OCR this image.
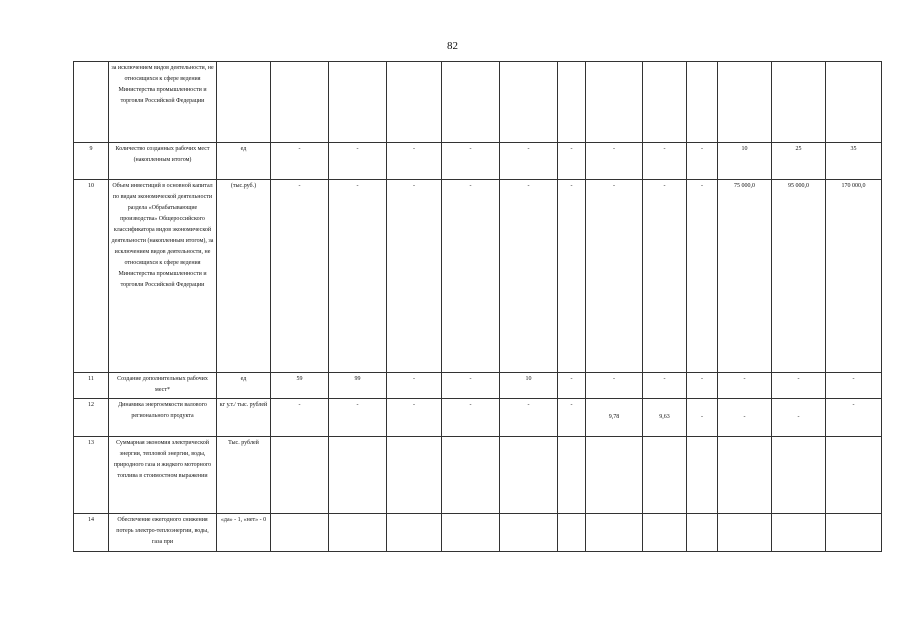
82
	за исключением видов деятельности, не относящихся к сфере ведения Министерства промышленности и торговли Российской Федерации													
9	Количество созданных рабочих мест (накопленным итогом)	ед	-	-	-	-	-	-	-	-	-	10	25	35
10	Объем инвестиций в основной капитал по видам экономической деятельности раздела «Обрабатывающие производства» Общероссийского классификатора видов экономической деятельности (накопленным итогом), за исключением видов деятельности, не относящихся к сфере ведения Министерства промышленности и торговли Российской Федерации	(тыс.руб.)	-	-	-	-	-	-	-	-	-	75 000,0	95 000,0	170 000,0
11	Создание дополнительных рабочих мест*	ед	59	99	-	-	10	-	-	-	-	-	-	-
12	Динамика энергоемкости валового регионального продукта	кг у.т./ тыс. рублей	-	-	-	-	-	-	9,78	9,63	-	-	-	-
13	Суммарная экономия электрической энергии, тепловой энергии, воды, природного газа и жидкого моторного топлива в стоимостном выражении	Тыс. рублей												
14	Обеспечение ежегодного снижения потерь электро-теплоэнергии, воды, газа при	«да» - 1, «нет» - 0												
